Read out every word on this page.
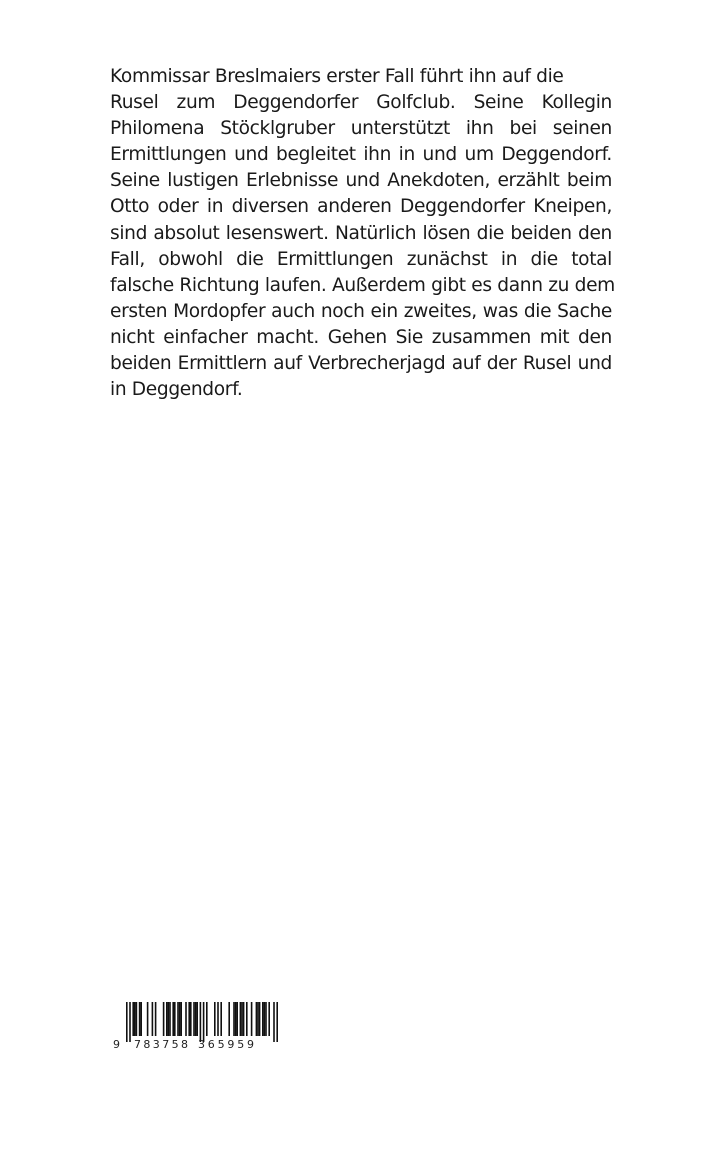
Kommissar Breslmaiers erster Fall führt ihn auf die
Rusel zum Deggendorfer Golfclub. Seine Kollegin
Philomena Stöcklgruber unterstützt ihn bei seinen
Ermittlungen und begleitet ihn in und um Deggendorf.
Seine lustigen Erlebnisse und Anekdoten, erzählt beim
Otto oder in diversen anderen Deggendorfer Kneipen,
sind absolut lesenswert. Natürlich lösen die beiden den
Fall, obwohl die Ermittlungen zunächst in die total
falsche Richtung laufen. Außerdem gibt es dann zu dem
ersten Mordopfer auch noch ein zweites, was die Sache
nicht einfacher macht. Gehen Sie zusammen mit den
beiden Ermittlern auf Verbrecherjagd auf der Rusel und
in Deggendorf.
9 783758 365959
